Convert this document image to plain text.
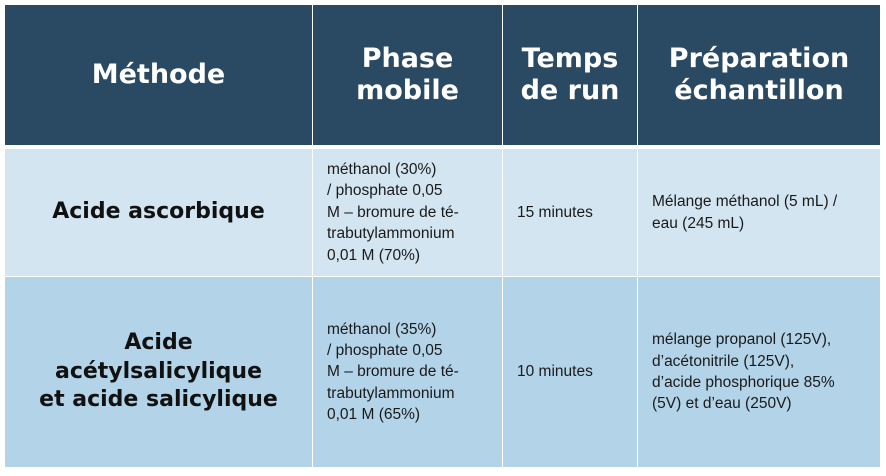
Méthode
Phase
mobile
Temps
de run
Préparation
échantillon
Acide ascorbique
méthanol (30%)
/ phosphate 0,05
M – bromure de té-
trabutylammonium
0,01 M (70%)
15 minutes
Mélange méthanol (5 mL) /
eau (245 mL)
Acide
acétylsalicylique
et acide salicylique
méthanol (35%)
/ phosphate 0,05
M – bromure de té-
trabutylammonium
0,01 M (65%)
10 minutes
mélange propanol (125V),
d’acétonitrile (125V),
d’acide phosphorique 85%
(5V) et d’eau (250V)
